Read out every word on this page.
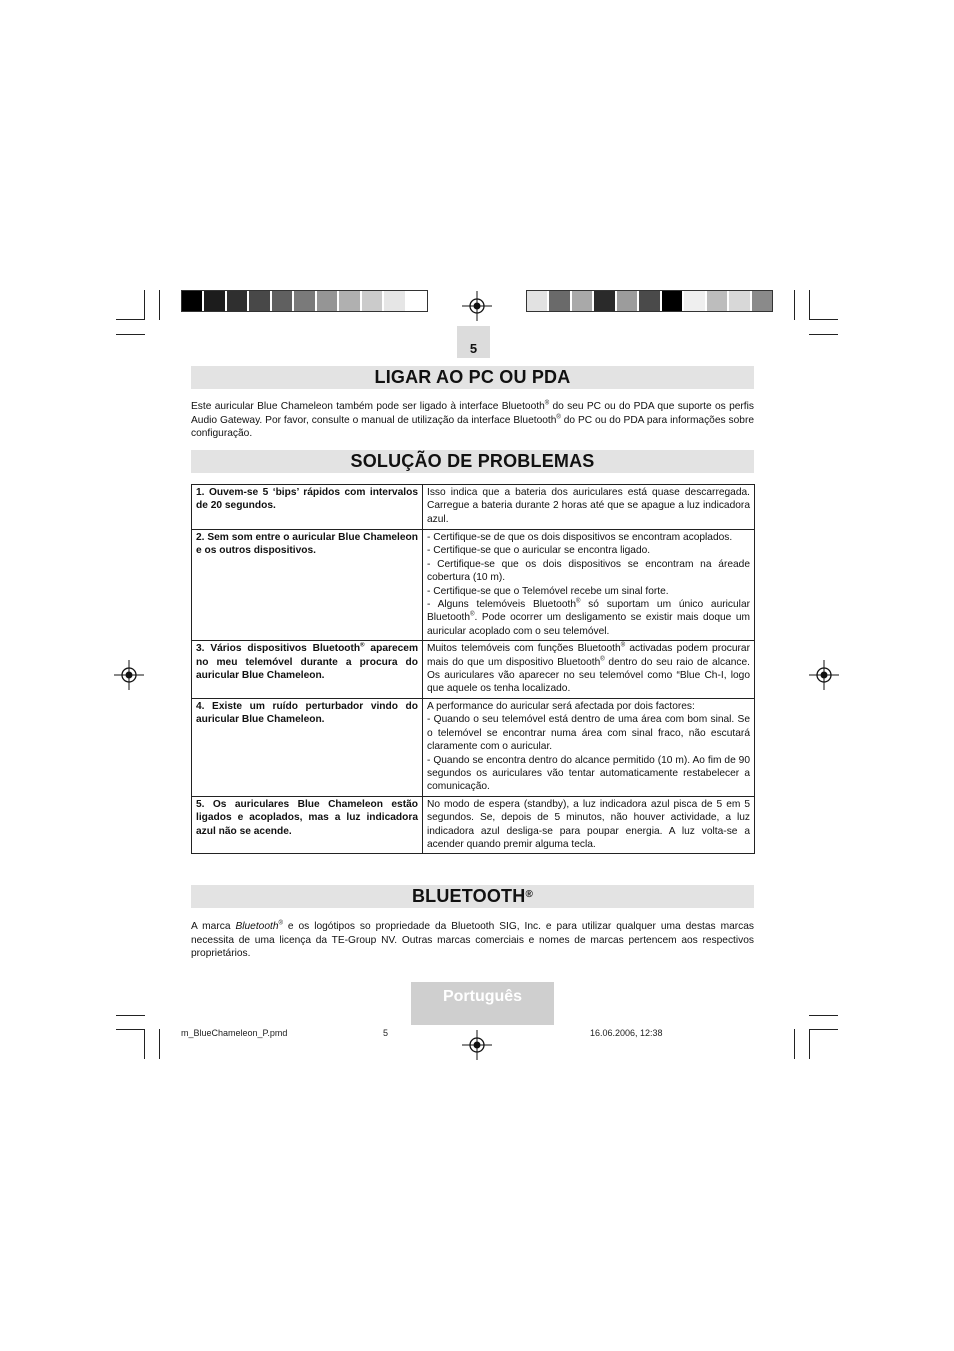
5
LIGAR AO PC OU PDA
Este auricular Blue Chameleon também pode ser ligado à interface Bluetooth® do seu PC ou do PDA que suporte os perfis Audio Gateway. Por favor, consulte o manual de utilização da interface Bluetooth® do PC ou do PDA para informações sobre configuração.
SOLUÇÃO DE PROBLEMAS
1. Ouvem-se 5 ‘bips’ rápidos com intervalos de 20 segundos.	Isso indica que a bateria dos auriculares está quase descarregada. Carregue a bateria durante 2 horas até que se apague a luz indicadora azul.
2. Sem som entre o auricular Blue Chameleon e os outros dispositivos.	- Certifique-se de que os dois dispositivos se encontram acoplados.
- Certifique-se que o auricular se encontra ligado.
- Certifique-se que os dois dispositivos se encontram na áreade cobertura (10 m).
- Certifique-se que o Telemóvel recebe um sinal forte.
- Alguns telemóveis Bluetooth® só suportam um único auricular Bluetooth®. Pode ocorrer um desligamento se existir mais doque um auricular acoplado com o seu telemóvel.

3. Vários dispositivos Bluetooth® aparecem no meu telemóvel durante a procura do auricular Blue Chameleon.	Muitos telemóveis com funções Bluetooth® activadas podem procurar mais do que um dispositivo Bluetooth® dentro do seu raio de alcance. Os auriculares vão aparecer no seu telemóvel como “Blue Ch-I, logo que aquele os tenha localizado.
4. Existe um ruído perturbador vindo do auricular Blue Chameleon.	A performance do auricular será afectada por dois factores:
- Quando o seu telemóvel está dentro de uma área com bom sinal. Se o telemóvel se encontrar numa área com sinal fraco, não escutará claramente com o auricular.
- Quando se encontra dentro do alcance permitido (10 m). Ao fim de 90 segundos os auriculares vão tentar automaticamente restabelecer a comunicação.

5. Os auriculares Blue Chameleon estão ligados e acoplados, mas a luz indicadora azul não se acende.	No modo de espera (standby), a luz indicadora azul pisca de 5 em 5 segundos. Se, depois de 5 minutos, não houver actividade, a luz indicadora azul desliga-se para poupar energia. A luz volta-se a acender quando premir alguma tecla.
BLUETOOTH®
A marca Bluetooth® e os logótipos so propriedade da Bluetooth SIG, Inc. e para utilizar qualquer uma destas marcas necessita de uma licença da TE-Group NV. Outras marcas comerciais e nomes de marcas pertencem aos respectivos proprietários.
Português
m_BlueChameleon_P.pmd	5	16.06.2006, 12:38
